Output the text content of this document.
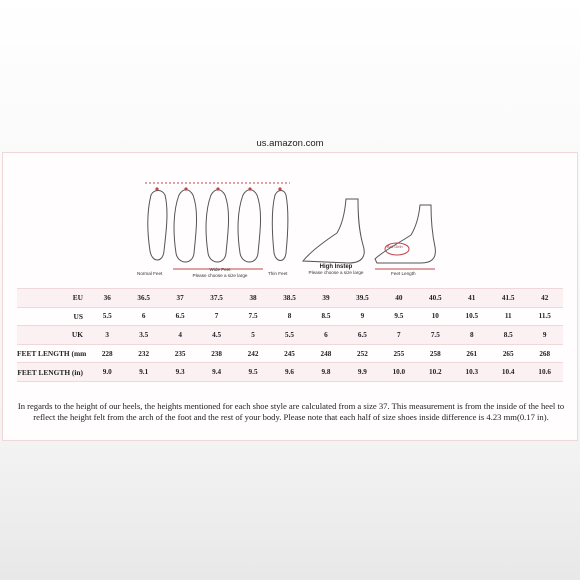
us.amazon.com
Normal Feet
Wide Feet
Please choose a size large	Thin Feet
High Instep
Please choose a size large
Ball Girth
Feet Length
EU	36	36.5	37	37.5	38	38.5	39	39.5	40	40.5	41	41.5	42
US	5.5	6	6.5	7	7.5	8	8.5	9	9.5	10	10.5	11	11.5
UK	3	3.5	4	4.5	5	5.5	6	6.5	7	7.5	8	8.5	9
FEET LENGTH (mm	228	232	235	238	242	245	248	252	255	258	261	265	268
FEET LENGTH (in)	9.0	9.1	9.3	9.4	9.5	9.6	9.8	9.9	10.0	10.2	10.3	10.4	10.6
In regards to the height of our heels, the heights mentioned for each shoe style are calculated from a size 37. This measurement is from the inside of the heel to reflect the height felt from the arch of the foot and the rest of your body. Please note that each half of size shoes inside difference is 4.23 mm(0.17 in).
